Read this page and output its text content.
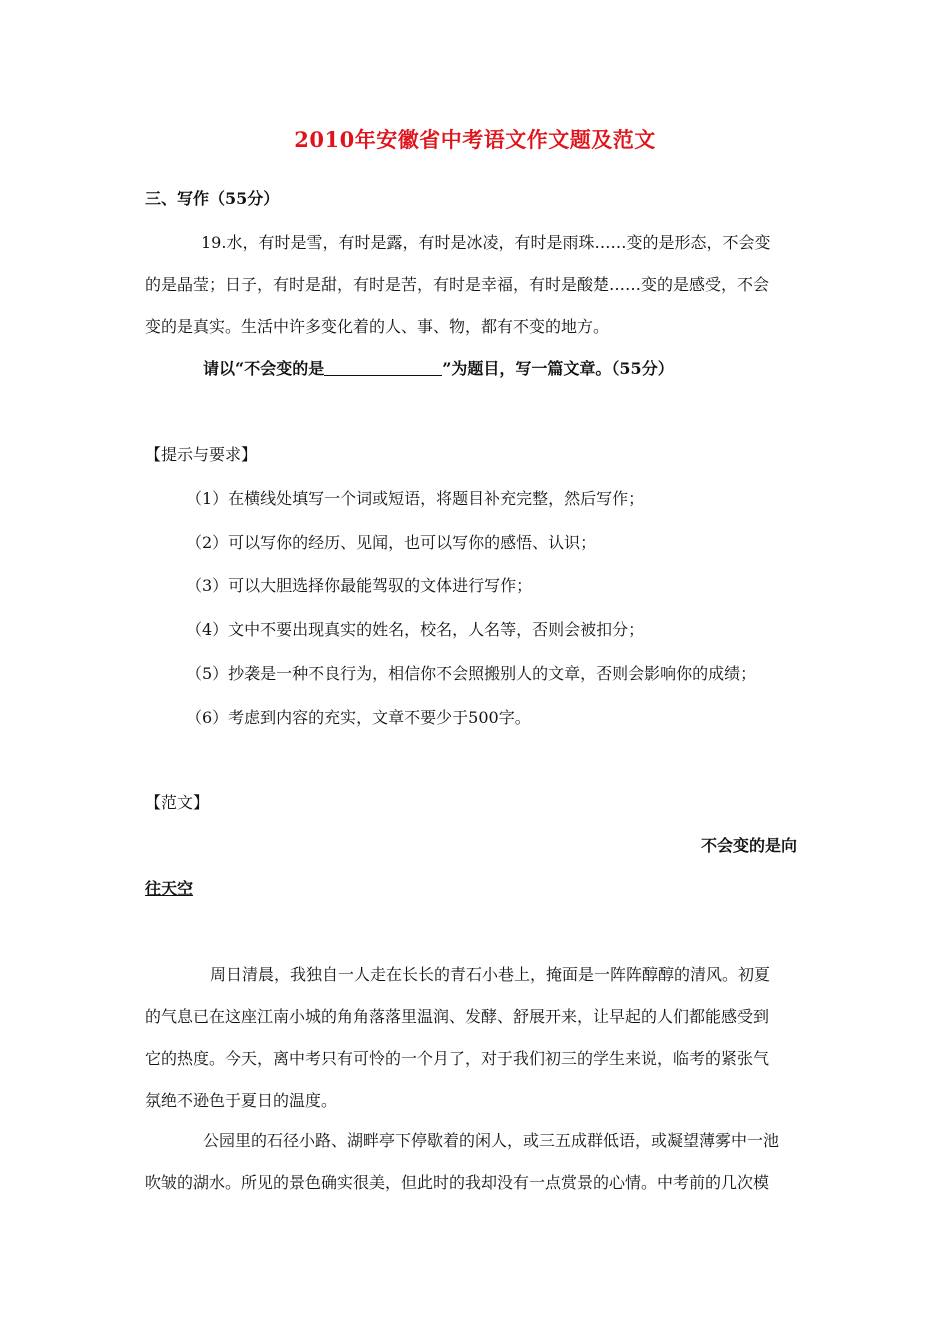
2010年安徽省中考语文作文题及范文
三、写作（55分）
19.水，有时是雪，有时是露，有时是冰凌，有时是雨珠……变的是形态，不会变
的是晶莹；日子，有时是甜，有时是苦，有时是幸福，有时是酸楚……变的是感受，不会
变的是真实。生活中许多变化着的人、事、物，都有不变的地方。
请以“不会变的是	”为题目，写一篇文章。（55分）
【提示与要求】
（1）在横线处填写一个词或短语，将题目补充完整，然后写作；
（2）可以写你的经历、见闻，也可以写你的感悟、认识；
（3）可以大胆选择你最能驾驭的文体进行写作；
（4）文中不要出现真实的姓名，校名，人名等，否则会被扣分；
（5）抄袭是一种不良行为，相信你不会照搬别人的文章，否则会影响你的成绩；
（6）考虑到内容的充实，文章不要少于500字。
【范文】
不会变的是向
往天空
周日清晨，我独自一人走在长长的青石小巷上，掩面是一阵阵醇醇的清风。初夏
的气息已在这座江南小城的角角落落里温润、发酵、舒展开来，让早起的人们都能感受到
它的热度。今天，离中考只有可怜的一个月了，对于我们初三的学生来说，临考的紧张气
氛绝不逊色于夏日的温度。
公园里的石径小路、湖畔亭下停歇着的闲人，或三五成群低语，或凝望薄雾中一池
吹皱的湖水。所见的景色确实很美，但此时的我却没有一点赏景的心情。中考前的几次模
